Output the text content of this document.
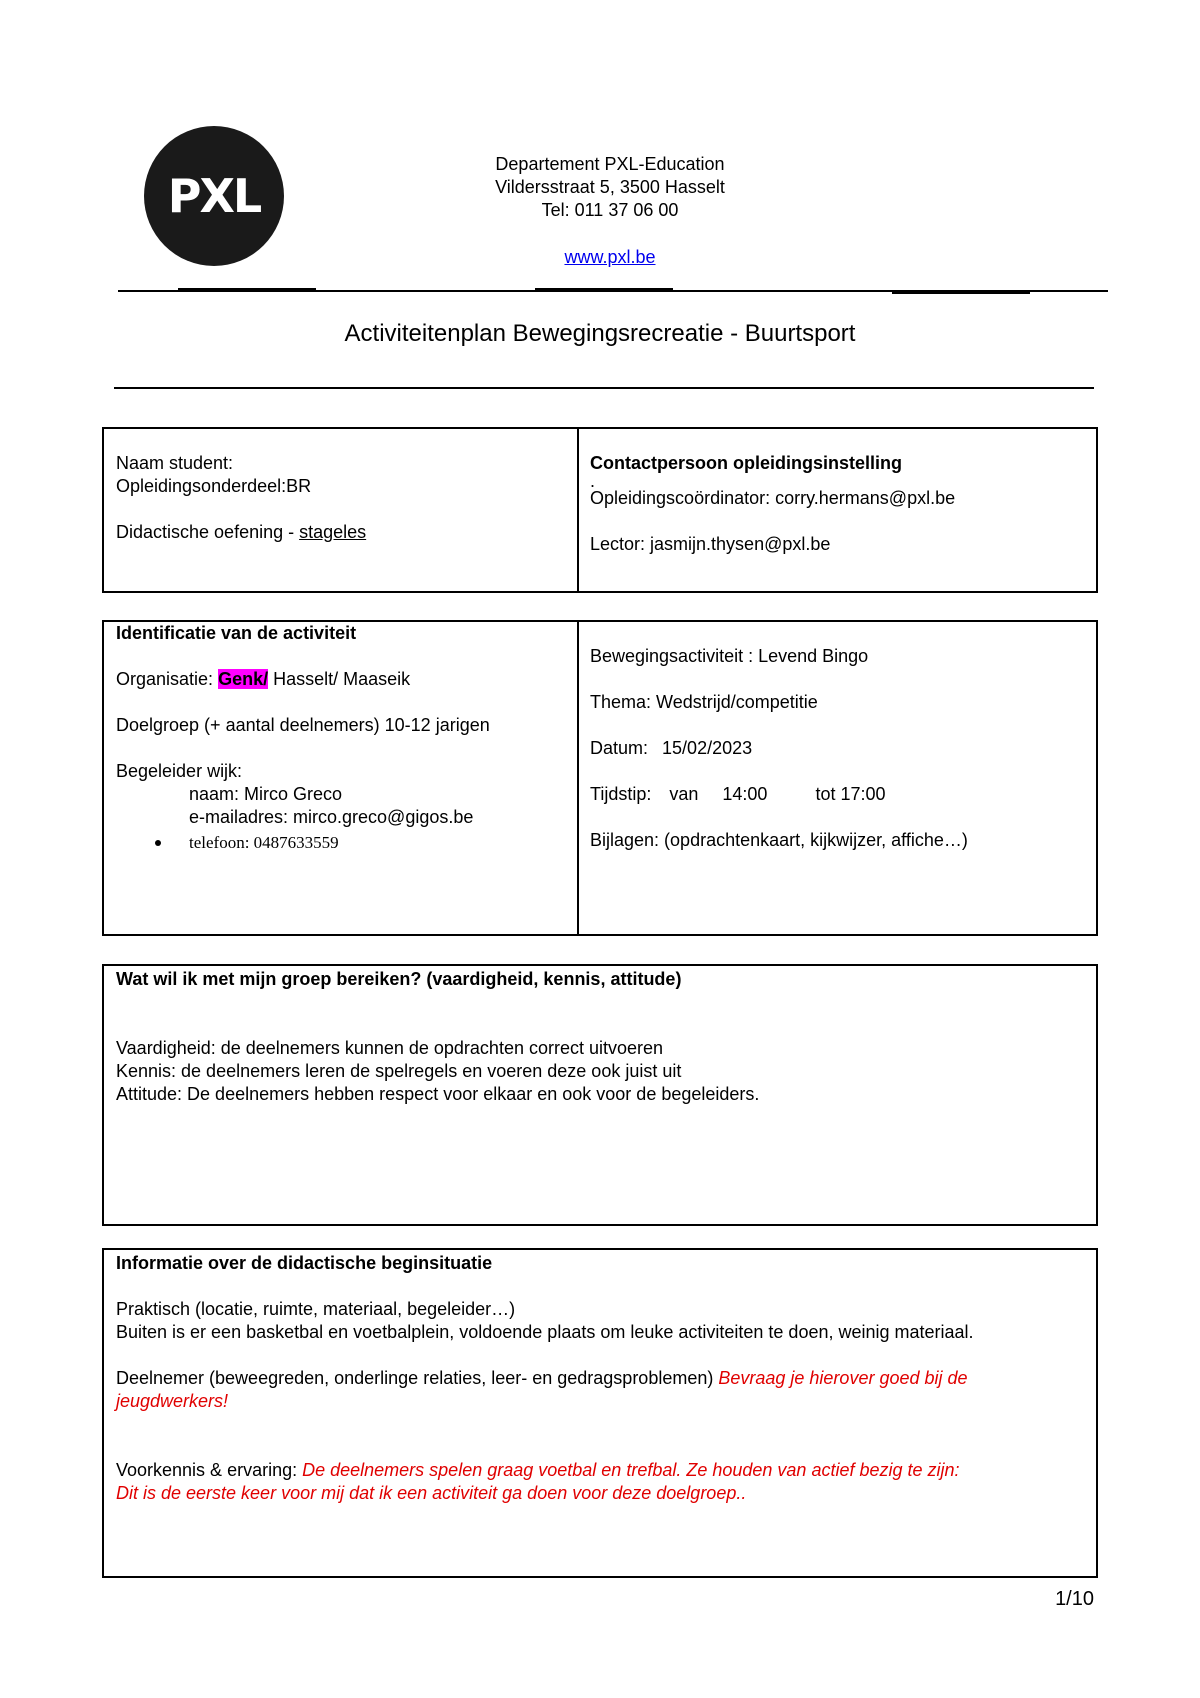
PXL
Departement PXL-Education
Vildersstraat 5, 3500 Hasselt
Tel: 011 37 06 00
www.pxl.be
Activiteitenplan Bewegingsrecreatie - Buurtsport
Naam student:
Opleidingsonderdeel:BR
Didactische oefening - stageles
Contactpersoon opleidingsinstelling
.
Opleidingscoördinator: corry.hermans@pxl.be
Lector: jasmijn.thysen@pxl.be
Identificatie van de activiteit
Organisatie: Genk/ Hasselt/ Maaseik
Doelgroep (+ aantal deelnemers) 10-12 jarigen
Begeleider wijk:
naam: Mirco Greco
e-mailadres: mirco.greco@gigos.be
telefoon: 0487633559
Bewegingsactiviteit : Levend Bingo
Thema: Wedstrijd/competitie
Datum: 15/02/2023
Tijdstip: van 14:00	tot 17:00
Bijlagen: (opdrachtenkaart, kijkwijzer, affiche…)
Wat wil ik met mijn groep bereiken? (vaardigheid, kennis, attitude)
Vaardigheid: de deelnemers kunnen de opdrachten correct uitvoeren
Kennis: de deelnemers leren de spelregels en voeren deze ook juist uit
Attitude: De deelnemers hebben respect voor elkaar en ook voor de begeleiders.
Informatie over de didactische beginsituatie
Praktisch (locatie, ruimte, materiaal, begeleider…)
Buiten is er een basketbal en voetbalplein, voldoende plaats om leuke activiteiten te doen, weinig materiaal.
Deelnemer (beweegreden, onderlinge relaties, leer- en gedragsproblemen) Bevraag je hierover goed bij de
jeugdwerkers!
Voorkennis & ervaring: De deelnemers spelen graag voetbal en trefbal. Ze houden van actief bezig te zijn:
Dit is de eerste keer voor mij dat ik een activiteit ga doen voor deze doelgroep..
1/10
